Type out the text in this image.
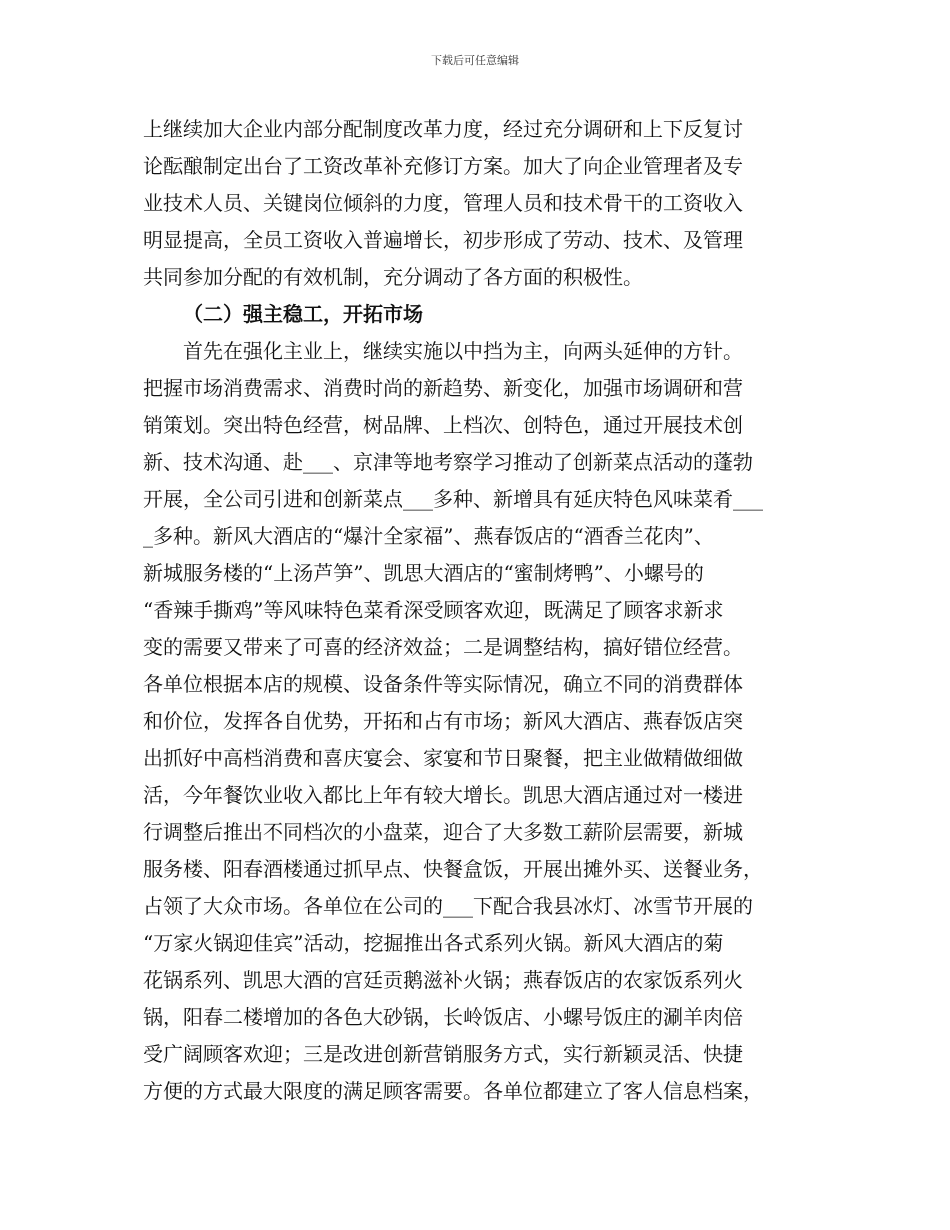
下载后可任意编辑
上继续加大企业内部分配制度改革力度，经过充分调研和上下反复讨
论酝酿制定出台了工资改革补充修订方案。加大了向企业管理者及专
业技术人员、关键岗位倾斜的力度，管理人员和技术骨干的工资收入
明显提高，全员工资收入普遍增长，初步形成了劳动、技术、及管理
共同参加分配的有效机制，充分调动了各方面的积极性。
（二）强主稳工，开拓市场
　　首先在强化主业上，继续实施以中挡为主，向两头延伸的方针。
把握市场消费需求、消费时尚的新趋势、新变化，加强市场调研和营
销策划。突出特色经营，树品牌、上档次、创特色，通过开展技术创
新、技术沟通、赴___、京津等地考察学习推动了创新菜点活动的蓬勃
开展，全公司引进和创新菜点___多种、新增具有延庆特色风味菜肴___
_多种。新风大酒店的“爆汁全家福”、燕春饭店的“酒香兰花肉”、
新城服务楼的“上汤芦笋”、凯思大酒店的“蜜制烤鸭”、小螺号的
“香辣手撕鸡”等风味特色菜肴深受顾客欢迎，既满足了顾客求新求
变的需要又带来了可喜的经济效益；二是调整结构，搞好错位经营。
各单位根据本店的规模、设备条件等实际情况，确立不同的消费群体
和价位，发挥各自优势，开拓和占有市场；新风大酒店、燕春饭店突
出抓好中高档消费和喜庆宴会、家宴和节日聚餐，把主业做精做细做
活，今年餐饮业收入都比上年有较大增长。凯思大酒店通过对一楼进
行调整后推出不同档次的小盘菜，迎合了大多数工薪阶层需要，新城
服务楼、阳春酒楼通过抓早点、快餐盒饭，开展出摊外买、送餐业务，
占领了大众市场。各单位在公司的___下配合我县冰灯、冰雪节开展的
“万家火锅迎佳宾”活动，挖掘推出各式系列火锅。新风大酒店的菊
花锅系列、凯思大酒的宫廷贡鹅滋补火锅；燕春饭店的农家饭系列火
锅，阳春二楼增加的各色大砂锅，长岭饭店、小螺号饭庄的涮羊肉倍
受广阔顾客欢迎；三是改进创新营销服务方式，实行新颖灵活、快捷
方便的方式最大限度的满足顾客需要。各单位都建立了客人信息档案，
